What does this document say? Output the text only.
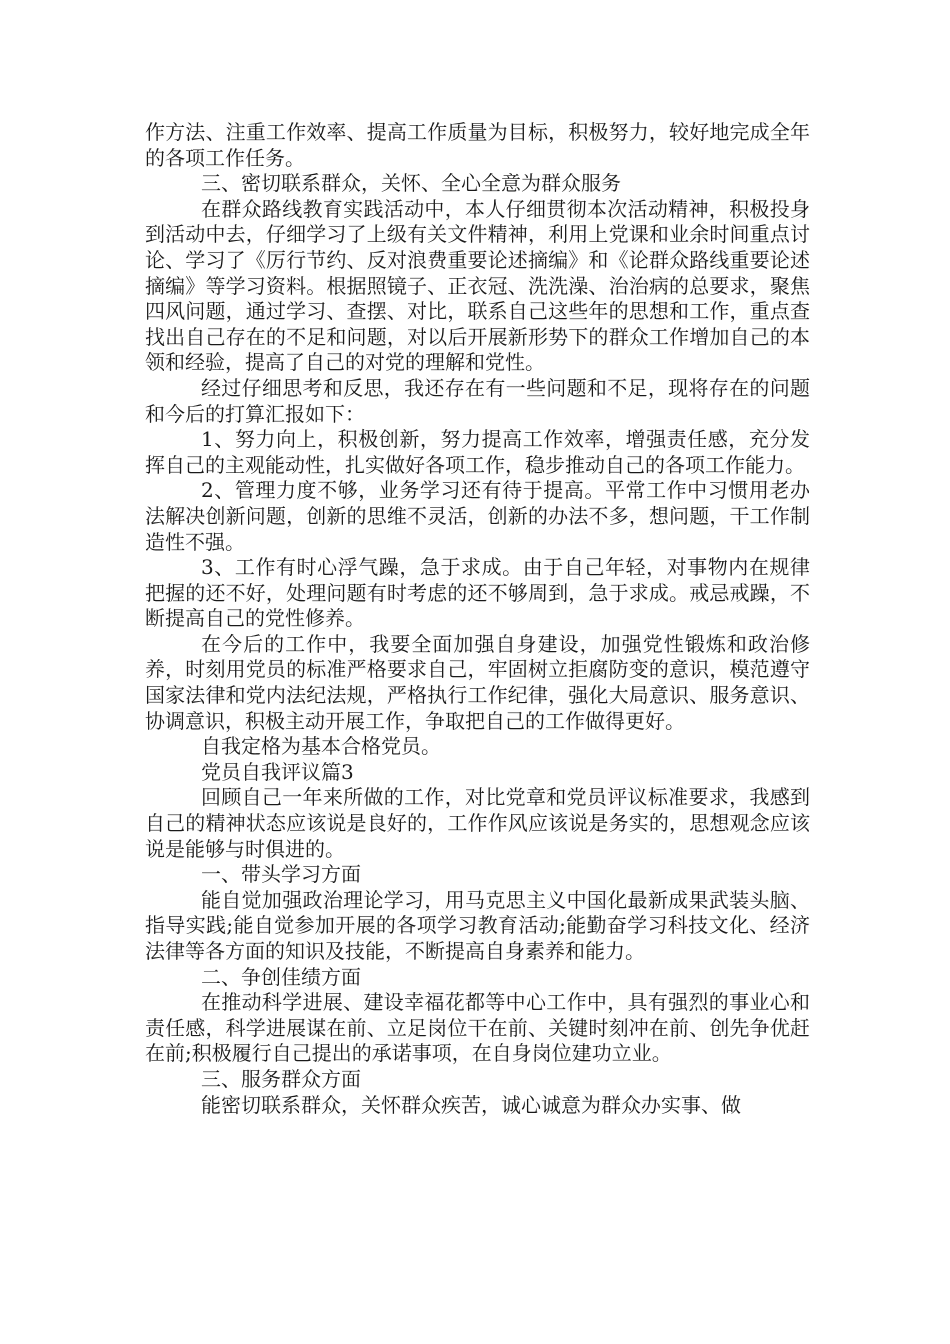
作方法、注重工作效率、提高工作质量为目标，积极努力，较好地完成全年的各项工作任务。

三、密切联系群众，关怀、全心全意为群众服务

在群众路线教育实践活动中，本人仔细贯彻本次活动精神，积极投身到活动中去，仔细学习了上级有关文件精神，利用上党课和业余时间重点讨论、学习了《厉行节约、反对浪费重要论述摘编》和《论群众路线重要论述摘编》等学习资料。根据照镜子、正衣冠、洗洗澡、治治病的总要求，聚焦四风问题，通过学习、查摆、对比，联系自己这些年的思想和工作，重点查找出自己存在的不足和问题，对以后开展新形势下的群众工作增加自己的本领和经验，提高了自己的对党的理解和党性。

经过仔细思考和反思，我还存在有一些问题和不足，现将存在的问题和今后的打算汇报如下：

1、努力向上，积极创新，努力提高工作效率，增强责任感，充分发挥自己的主观能动性，扎实做好各项工作，稳步推动自己的各项工作能力。

2、管理力度不够，业务学习还有待于提高。平常工作中习惯用老办法解决创新问题，创新的思维不灵活，创新的办法不多，想问题，干工作制造性不强。

3、工作有时心浮气躁，急于求成。由于自己年轻，对事物内在规律把握的还不好，处理问题有时考虑的还不够周到，急于求成。戒忌戒躁，不断提高自己的党性修养。

在今后的工作中，我要全面加强自身建设，加强党性锻炼和政治修养，时刻用党员的标准严格要求自己，牢固树立拒腐防变的意识，模范遵守国家法律和党内法纪法规，严格执行工作纪律，强化大局意识、服务意识、协调意识，积极主动开展工作，争取把自己的工作做得更好。

自我定格为基本合格党员。

党员自我评议篇3

回顾自己一年来所做的工作，对比党章和党员评议标准要求，我感到自己的精神状态应该说是良好的，工作作风应该说是务实的，思想观念应该说是能够与时俱进的。

一、带头学习方面

能自觉加强政治理论学习，用马克思主义中国化最新成果武装头脑、指导实践;能自觉参加开展的各项学习教育活动;能勤奋学习科技文化、经济法律等各方面的知识及技能，不断提高自身素养和能力。

二、争创佳绩方面

在推动科学进展、建设幸福花都等中心工作中，具有强烈的事业心和责任感，科学进展谋在前、立足岗位干在前、关键时刻冲在前、创先争优赶在前;积极履行自己提出的承诺事项，在自身岗位建功立业。

三、服务群众方面

能密切联系群众，关怀群众疾苦，诚心诚意为群众办实事、做
